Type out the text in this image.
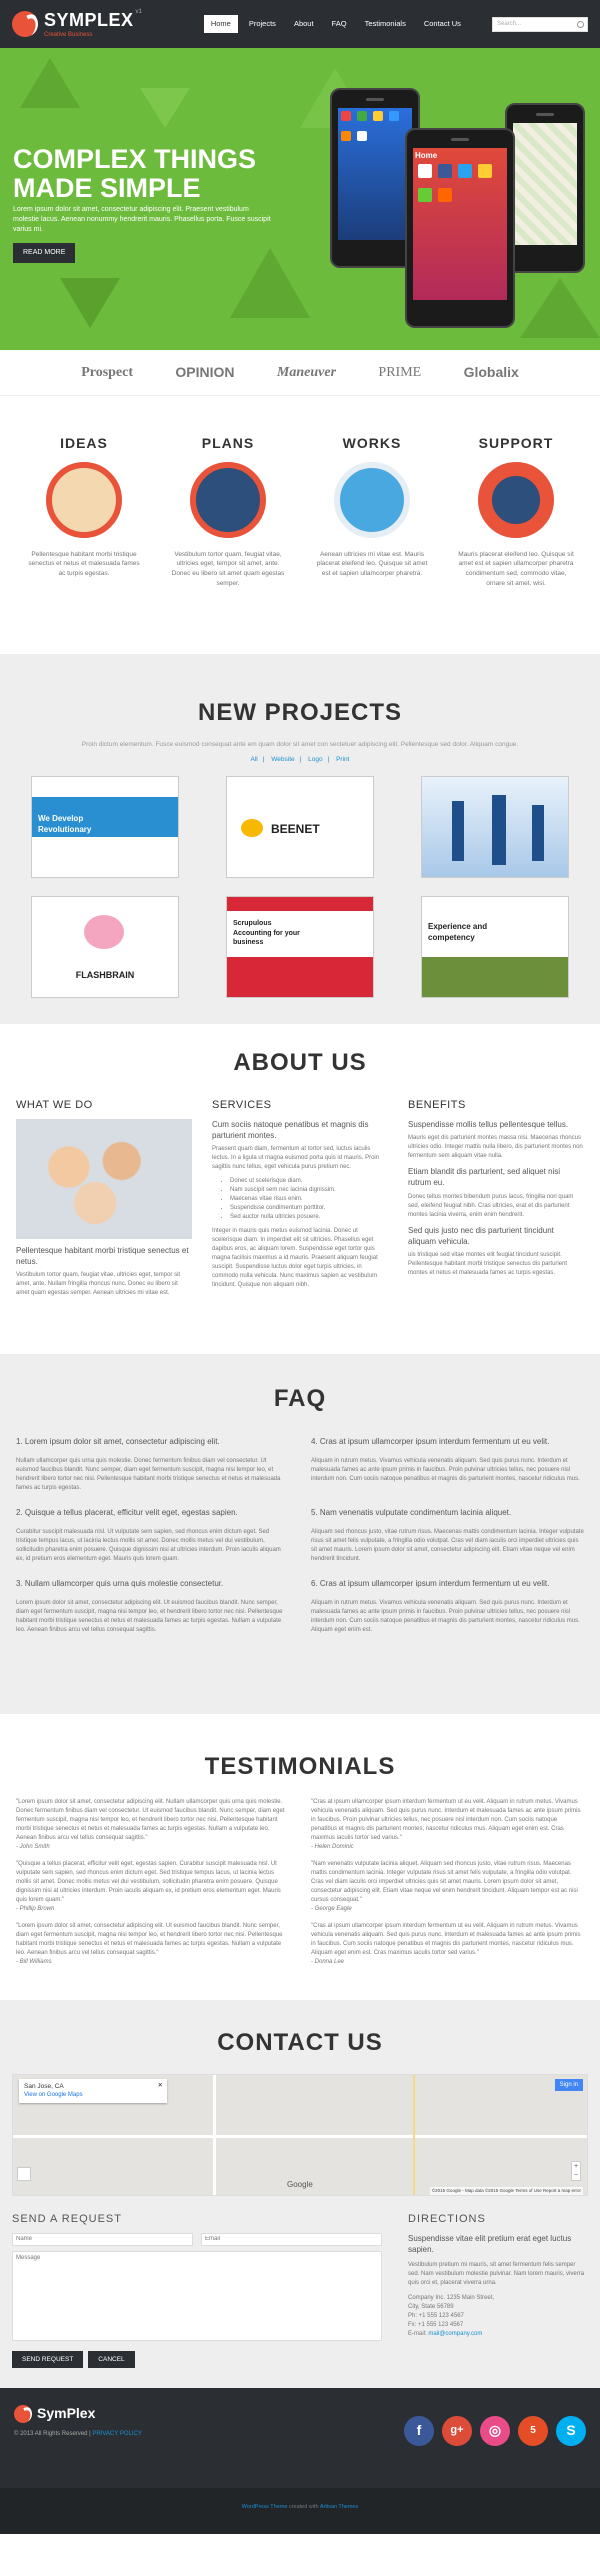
SYMPLEX v1
Creative Business
Home	Projects	About	FAQ	Testimonials	Contact Us	Search...
COMPLEX THINGS MADE SIMPLE
Lorem ipsum dolor sit amet, consectetur adipiscing elit. Praesent vestibulum molestie lacus. Aenean nonummy hendrerit mauris. Phasellus porta. Fusce suscipit varius mi.
READ MORE
Home
Prospect	OPINION	Maneuver	PRIME	Globalix
IDEAS

Pellentesque habitant morbi tristique senectus et netus et malesuada fames ac turpis egestas.

PLANS

Vestibulum tortor quam, feugiat vitae, ultricies eget, tempor sit amet, ante. Donec eu libero sit amet quam egestas semper.

WORKS

Aenean ultricies mi vitae est. Mauris placerat eleifend leo. Quisque sit amet est et sapien ullamcorper pharetra.

SUPPORT

Mauris placerat eleifend leo. Quisque sit amet est et sapien ullamcorper pharetra condimentum sed, commodo vitae, ornare sit amet, wisi.

NEW PROJECTS
Proin dictum elementum. Fusce euismod consequat ante em quam dolor sit amet con sectetuer adipiscing elit. Pellentesque sed dolor. Aliquam congue.
All | Website | Logo | Print
We Develop Revolutionary Software
BEENET
FLASHBRAIN
Scrupulous Accounting for your business
Experience and competency
ABOUT US
WHAT WE DO
Pellentesque habitant morbi tristique senectus et netus.

Vestibulum tortor quam, feugiat vitae, ultricies eget, tempor sit amet, ante. Nullam fringilla rhoncus nunc. Donec eu libero sit amet quam egestas semper. Aenean ultricies mi vitae est.

SERVICES
Cum sociis natoque penatibus et magnis dis parturient montes.

Praesent quam diam, fermentum at tortor sed, luctus iaculis lectus. In a ligula ut magna euismod porta quis id mauris. Proin sagittis nunc tellus, eget vehicula purus pretium nec.

• Donec ut scelerisque diam.
• Nam suscipit sem nec lacinia dignissim.
• Maecenas vitae risus enim.
• Suspendisse condimentum porttitor.
• Sed auctor nulla ultricies posuere.

Integer in mauris quis metus euismod lacinia. Donec ut scelerisque diam. In imperdiet elit sit ultricies. Phasellus eget dapibus eros, ac aliquam lorem. Suspendisse eget tortor quis magna facilisis maximus a id mauris. Praesent aliquam feugiat suscipit. Suspendisse luctus dolor eget turpis ultricies, in commodo nulla vehicula. Nunc maximus sapien ac vestibulum tincidunt. Quisque non aliquam nibh.

BENEFITS
Suspendisse mollis tellus pellentesque tellus.

Mauris eget dis parturient montes massa nisi. Maecenas rhoncus ultricies odio. Integer mattis nulla libero, dis parturient montes non fermentum sem aliquam vitae nulla.

Etiam blandit dis parturient, sed aliquet nisi rutrum eu.

Donec tellus montes bibendum purus lacus, fringilla non quam sed, eleifend feugiat nibh. Cras ultricies, erat et dis parturient montes lacinia viverra, enim enim hendrerit.

Sed quis justo nec dis parturient tincidunt aliquam vehicula.

uis tristique sed vitae montes elit feugiat tincidunt suscipit. Pellentesque habitant morbi tristique senectus dis parturient montes et netus et malesuada fames ac turpis egestas.

FAQ
1. Lorem ipsum dolor sit amet, consectetur adipiscing elit.
Nullam ullamcorper quis urna quis molestie. Donec fermentum finibus diam vel consectetur. Ut euismod faucibus blandit. Nunc semper, diam eget fermentum suscipit, magna nisi tempor leo, et hendrerit libero tortor nec nisi. Pellentesque habitant morbi tristique senectus et netus et malesuada fames ac turpis egestas.
4. Cras at ipsum ullamcorper ipsum interdum fermentum ut eu velit.
Aliquam in rutrum metus. Vivamus vehicula venenatis aliquam. Sed quis purus nunc. Interdum et malesuada fames ac ante ipsum primis in faucibus. Proin pulvinar ultricies tellus, nec posuere nisl interdum non. Cum sociis natoque penatibus et magnis dis parturient montes, nascetur ridiculus mus.
2. Quisque a tellus placerat, efficitur velit eget, egestas sapien.
Curabitur suscipit malesuada nisl. Ut vulputate sem sapien, sed rhoncus enim dictum eget. Sed tristique tempus lacus, ut lacinia lectus mollis sit amet. Donec mollis metus vel dui vestibulum, sollicitudin pharetra enim posuere. Quisque dignissim nisi at ultricies interdum. Proin iaculis aliquam ex, id pretium eros elementum eget. Mauris quis lorem quam.
5. Nam venenatis vulputate condimentum lacinia aliquet.
Aliquam sed rhoncus justo, vitae rutrum risus. Maecenas mattis condimentum lacinia. Integer vulputate risus sit amet felis vulputate, a fringilla odio volutpat. Cras vel diam iaculis orci imperdiet ultricies quis sit amet mauris. Lorem ipsum dolor sit amet, consectetur adipiscing elit. Etiam vitae neque vel enim hendrerit tincidunt.
3. Nullam ullamcorper quis urna quis molestie consectetur.
Lorem ipsum dolor sit amet, consectetur adipiscing elit. Ut euismod faucibus blandit. Nunc semper, diam eget fermentum suscipit, magna nisi tempor leo, et hendrerit libero tortor nec nisi. Pellentesque habitant morbi tristique senectus et netus et malesuada fames ac turpis egestas. Nullam a vulputate leo. Aenean finibus arcu vel tellus consequat sagittis.
6. Cras at ipsum ullamcorper ipsum interdum fermentum ut eu velit.
Aliquam in rutrum metus. Vivamus vehicula venenatis aliquam. Sed quis purus nunc. Interdum et malesuada fames ac ante ipsum primis in faucibus. Proin pulvinar ultricies tellus, nec posuere nisl interdum non. Cum sociis natoque penatibus et magnis dis parturient montes, nascetur ridiculus mus. Aliquam eget enim est.
TESTIMONIALS
"Lorem ipsum dolor sit amet, consectetur adipiscing elit. Nullam ullamcorper quis urna quis molestie. Donec fermentum finibus diam vel consectetur. Ut euismod faucibus blandit. Nunc semper, diam eget fermentum suscipit, magna nisi tempor leo, et hendrerit libero tortor nec nisi. Pellentesque habitant morbi tristique senectus et netus et malesuada fames ac turpis egestas. Nullam a vulputate leo. Aenean finibus arcu vel tellus consequat sagittis."
- John Smith
"Cras at ipsum ullamcorper ipsum interdum fermentum ut eu velit. Aliquam in rutrum metus. Vivamus vehicula venenatis aliquam. Sed quis purus nunc. Interdum et malesuada fames ac ante ipsum primis in faucibus. Proin pulvinar ultricies tellus, nec posuere nisl interdum non. Cum sociis natoque penatibus et magnis dis parturient montes, nascetur ridiculus mus. Aliquam eget enim est. Cras maximus iaculis tortor sed varius."
- Helen Dominic
"Quisque a tellus placerat, efficitur velit eget, egestas sapien. Curabitur suscipit malesuada nisl. Ut vulputate sem sapien, sed rhoncus enim dictum eget. Sed tristique tempus lacus, ut lacinia lectus mollis sit amet. Donec mollis metus vel dui vestibulum, sollicitudin pharetra enim posuere. Quisque dignissim nisi at ultricies interdum. Proin iaculis aliquam ex, id pretium eros elementum eget. Mauris quis lorem quam."
- Phillip Brown
"Nam venenatis vulputate lacinia aliquet. Aliquam sed rhoncus justo, vitae rutrum risus. Maecenas mattis condimentum lacinia. Integer vulputate risus sit amet felis vulputate, a fringilla odio volutpat. Cras vel diam iaculis orci imperdiet ultricies quis sit amet mauris. Lorem ipsum dolor sit amet, consectetur adipiscing elit. Etiam vitae neque vel enim hendrerit tincidunt. Aliquam tempor est ac nisi cursus consequat."
- George Eagle
"Lorem ipsum dolor sit amet, consectetur adipiscing elit. Ut euismod faucibus blandit. Nunc semper, diam eget fermentum suscipit, magna nisi tempor leo, et hendrerit libero tortor nec nisi. Pellentesque habitant morbi tristique senectus et netus et malesuada fames ac turpis egestas. Nullam a vulputate leo. Aenean finibus arcu vel tellus consequat sagittis."
- Bill Williams
"Cras at ipsum ullamcorper ipsum interdum fermentum ut eu velit. Aliquam in rutrum metus. Vivamus vehicula venenatis aliquam. Sed quis purus nunc. Interdum et malesuada fames ac ante ipsum primis in faucibus. Cum sociis natoque penatibus et magnis dis parturient montes, nascetur ridiculus mus. Aliquam eget enim est. Cras maximus iaculis tortor sed varius."
- Donna Lee
CONTACT US
San Jose, CA
View on Google Maps
✕	Sign in
+
−
Google
©2015 Google - Map data ©2015 Google Terms of Use Report a map error
SEND A REQUEST
Name
Email
Message
SEND REQUEST	CANCEL
DIRECTIONS
Suspendisse vitae elit pretium erat eget luctus sapien.

Vestibulum pretium mi mauris, sit amet fermentum felis semper sed. Nam vestibulum molestie pulvinar. Nam lorem mauris, viverra quis orci et, placerat viverra urna.

Company Inc. 1235 Main Street,
City, State 56789
Ph: +1 555 123 4567
Fx: +1 555 123 4567
E-mail: mail@company.com

SymPlex
© 2013 All Rights Reserved | PRIVACY POLICY	f	g+	◎	5	S
WordPress Theme created with Artisan Themes
